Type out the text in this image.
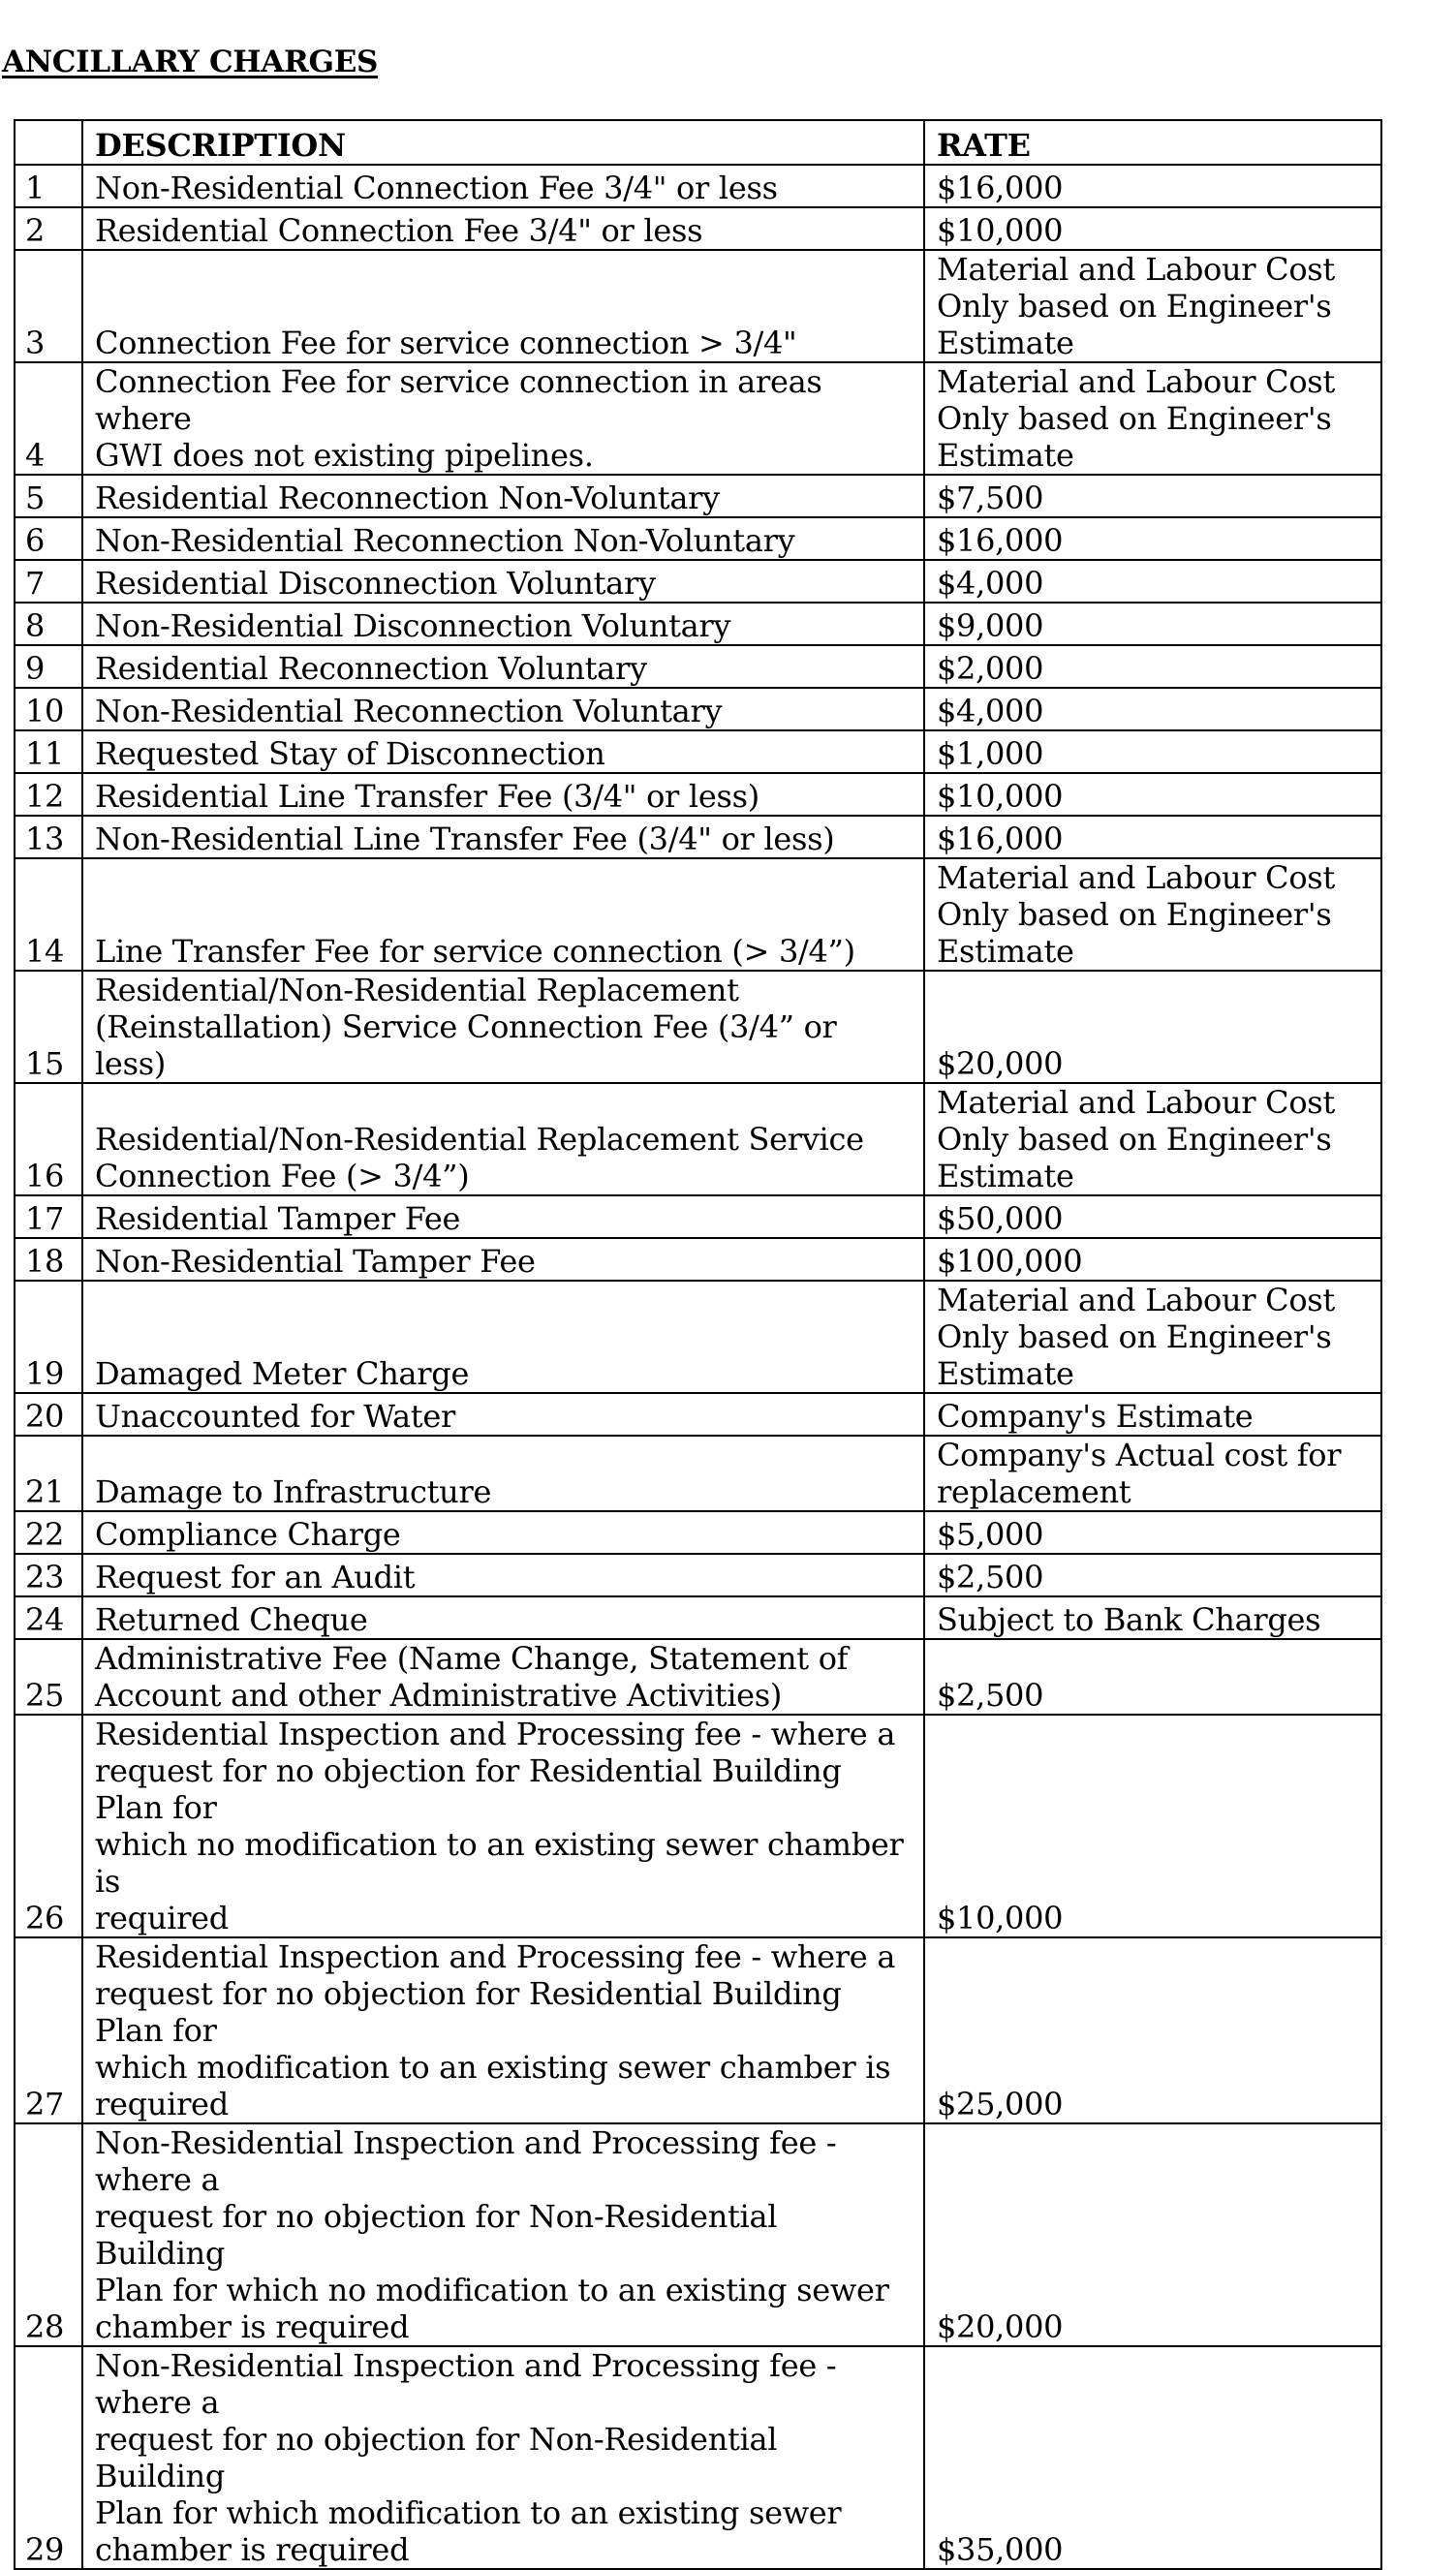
ANCILLARY CHARGES
	DESCRIPTION	RATE
1	Non-Residential Connection Fee 3/4" or less	$16,000

2	Residential Connection Fee 3/4" or less	$10,000

3	Connection Fee for service connection > 3/4"	Material and Labour Cost
Only based on Engineer's
Estimate

4	Connection Fee for service connection in areas where
GWI does not existing pipelines.	Material and Labour Cost
Only based on Engineer's
Estimate

5	Residential Reconnection Non-Voluntary	$7,500

6	Non-Residential Reconnection Non-Voluntary	$16,000

7	Residential Disconnection Voluntary	$4,000

8	Non-Residential Disconnection Voluntary	$9,000

9	Residential Reconnection Voluntary	$2,000

10	Non-Residential Reconnection Voluntary	$4,000

11	Requested Stay of Disconnection	$1,000

12	Residential Line Transfer Fee (3/4" or less)	$10,000

13	Non-Residential Line Transfer Fee (3/4" or less)	$16,000

14	Line Transfer Fee for service connection (> 3/4”)	Material and Labour Cost
Only based on Engineer's
Estimate

15	Residential/Non-Residential Replacement
(Reinstallation) Service Connection Fee (3/4” or less)	$20,000

16	Residential/Non-Residential Replacement Service
Connection Fee (> 3/4”)	Material and Labour Cost
Only based on Engineer's
Estimate

17	Residential Tamper Fee	$50,000

18	Non-Residential Tamper Fee	$100,000

19	Damaged Meter Charge	Material and Labour Cost
Only based on Engineer's
Estimate

20	Unaccounted for Water	Company's Estimate

21	Damage to Infrastructure	Company's Actual cost for
replacement

22	Compliance Charge	$5,000

23	Request for an Audit	$2,500

24	Returned Cheque	Subject to Bank Charges

25	Administrative Fee (Name Change, Statement of
Account and other Administrative Activities)	$2,500

26	Residential Inspection and Processing fee - where a
request for no objection for Residential Building Plan for
which no modification to an existing sewer chamber is
required	$10,000

27	Residential Inspection and Processing fee - where a
request for no objection for Residential Building Plan for
which modification to an existing sewer chamber is
required	$25,000

28	Non-Residential Inspection and Processing fee - where a
request for no objection for Non-Residential Building
Plan for which no modification to an existing sewer
chamber is required	$20,000

29	Non-Residential Inspection and Processing fee - where a
request for no objection for Non-Residential Building
Plan for which modification to an existing sewer
chamber is required	$35,000
